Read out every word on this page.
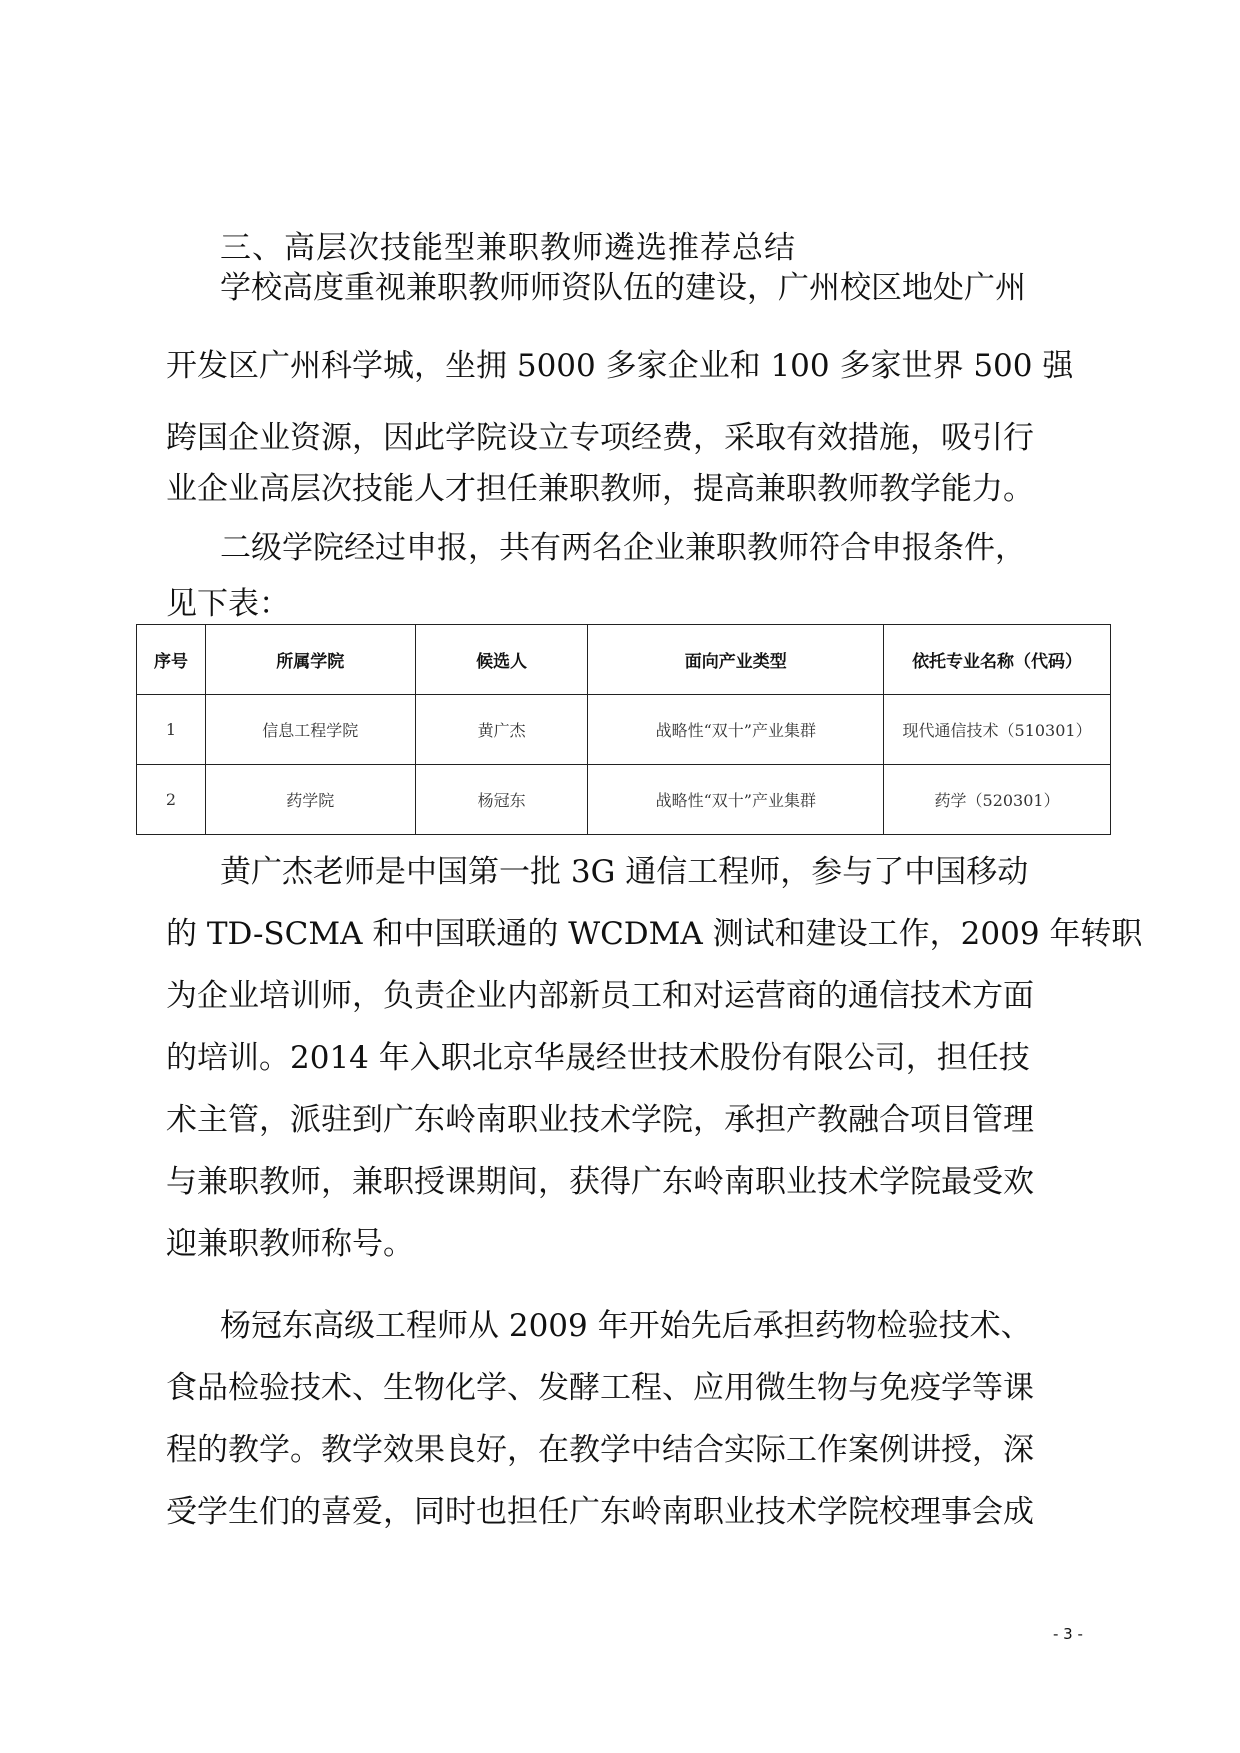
三、高层次技能型兼职教师遴选推荐总结
学校高度重视兼职教师师资队伍的建设，广州校区地处广州
开发区广州科学城，坐拥 5000 多家企业和 100 多家世界 500 强
跨国企业资源，因此学院设立专项经费，采取有效措施，吸引行
业企业高层次技能人才担任兼职教师，提高兼职教师教学能力。
二级学院经过申报，共有两名企业兼职教师符合申报条件，
见下表：
序号	所属学院	候选人	面向产业类型	依托专业名称（代码）
1	信息工程学院	黄广杰	战略性“双十”产业集群	现代通信技术（510301）
2	药学院	杨冠东	战略性“双十”产业集群	药学（520301）
黄广杰老师是中国第一批 3G 通信工程师，参与了中国移动
的 TD-SCMA 和中国联通的 WCDMA 测试和建设工作，2009 年转职
为企业培训师，负责企业内部新员工和对运营商的通信技术方面
的培训。2014 年入职北京华晟经世技术股份有限公司，担任技
术主管，派驻到广东岭南职业技术学院，承担产教融合项目管理
与兼职教师，兼职授课期间，获得广东岭南职业技术学院最受欢
迎兼职教师称号。
杨冠东高级工程师从 2009 年开始先后承担药物检验技术、
食品检验技术、生物化学、发酵工程、应用微生物与免疫学等课
程的教学。教学效果良好，在教学中结合实际工作案例讲授，深
受学生们的喜爱，同时也担任广东岭南职业技术学院校理事会成
- 3 -
